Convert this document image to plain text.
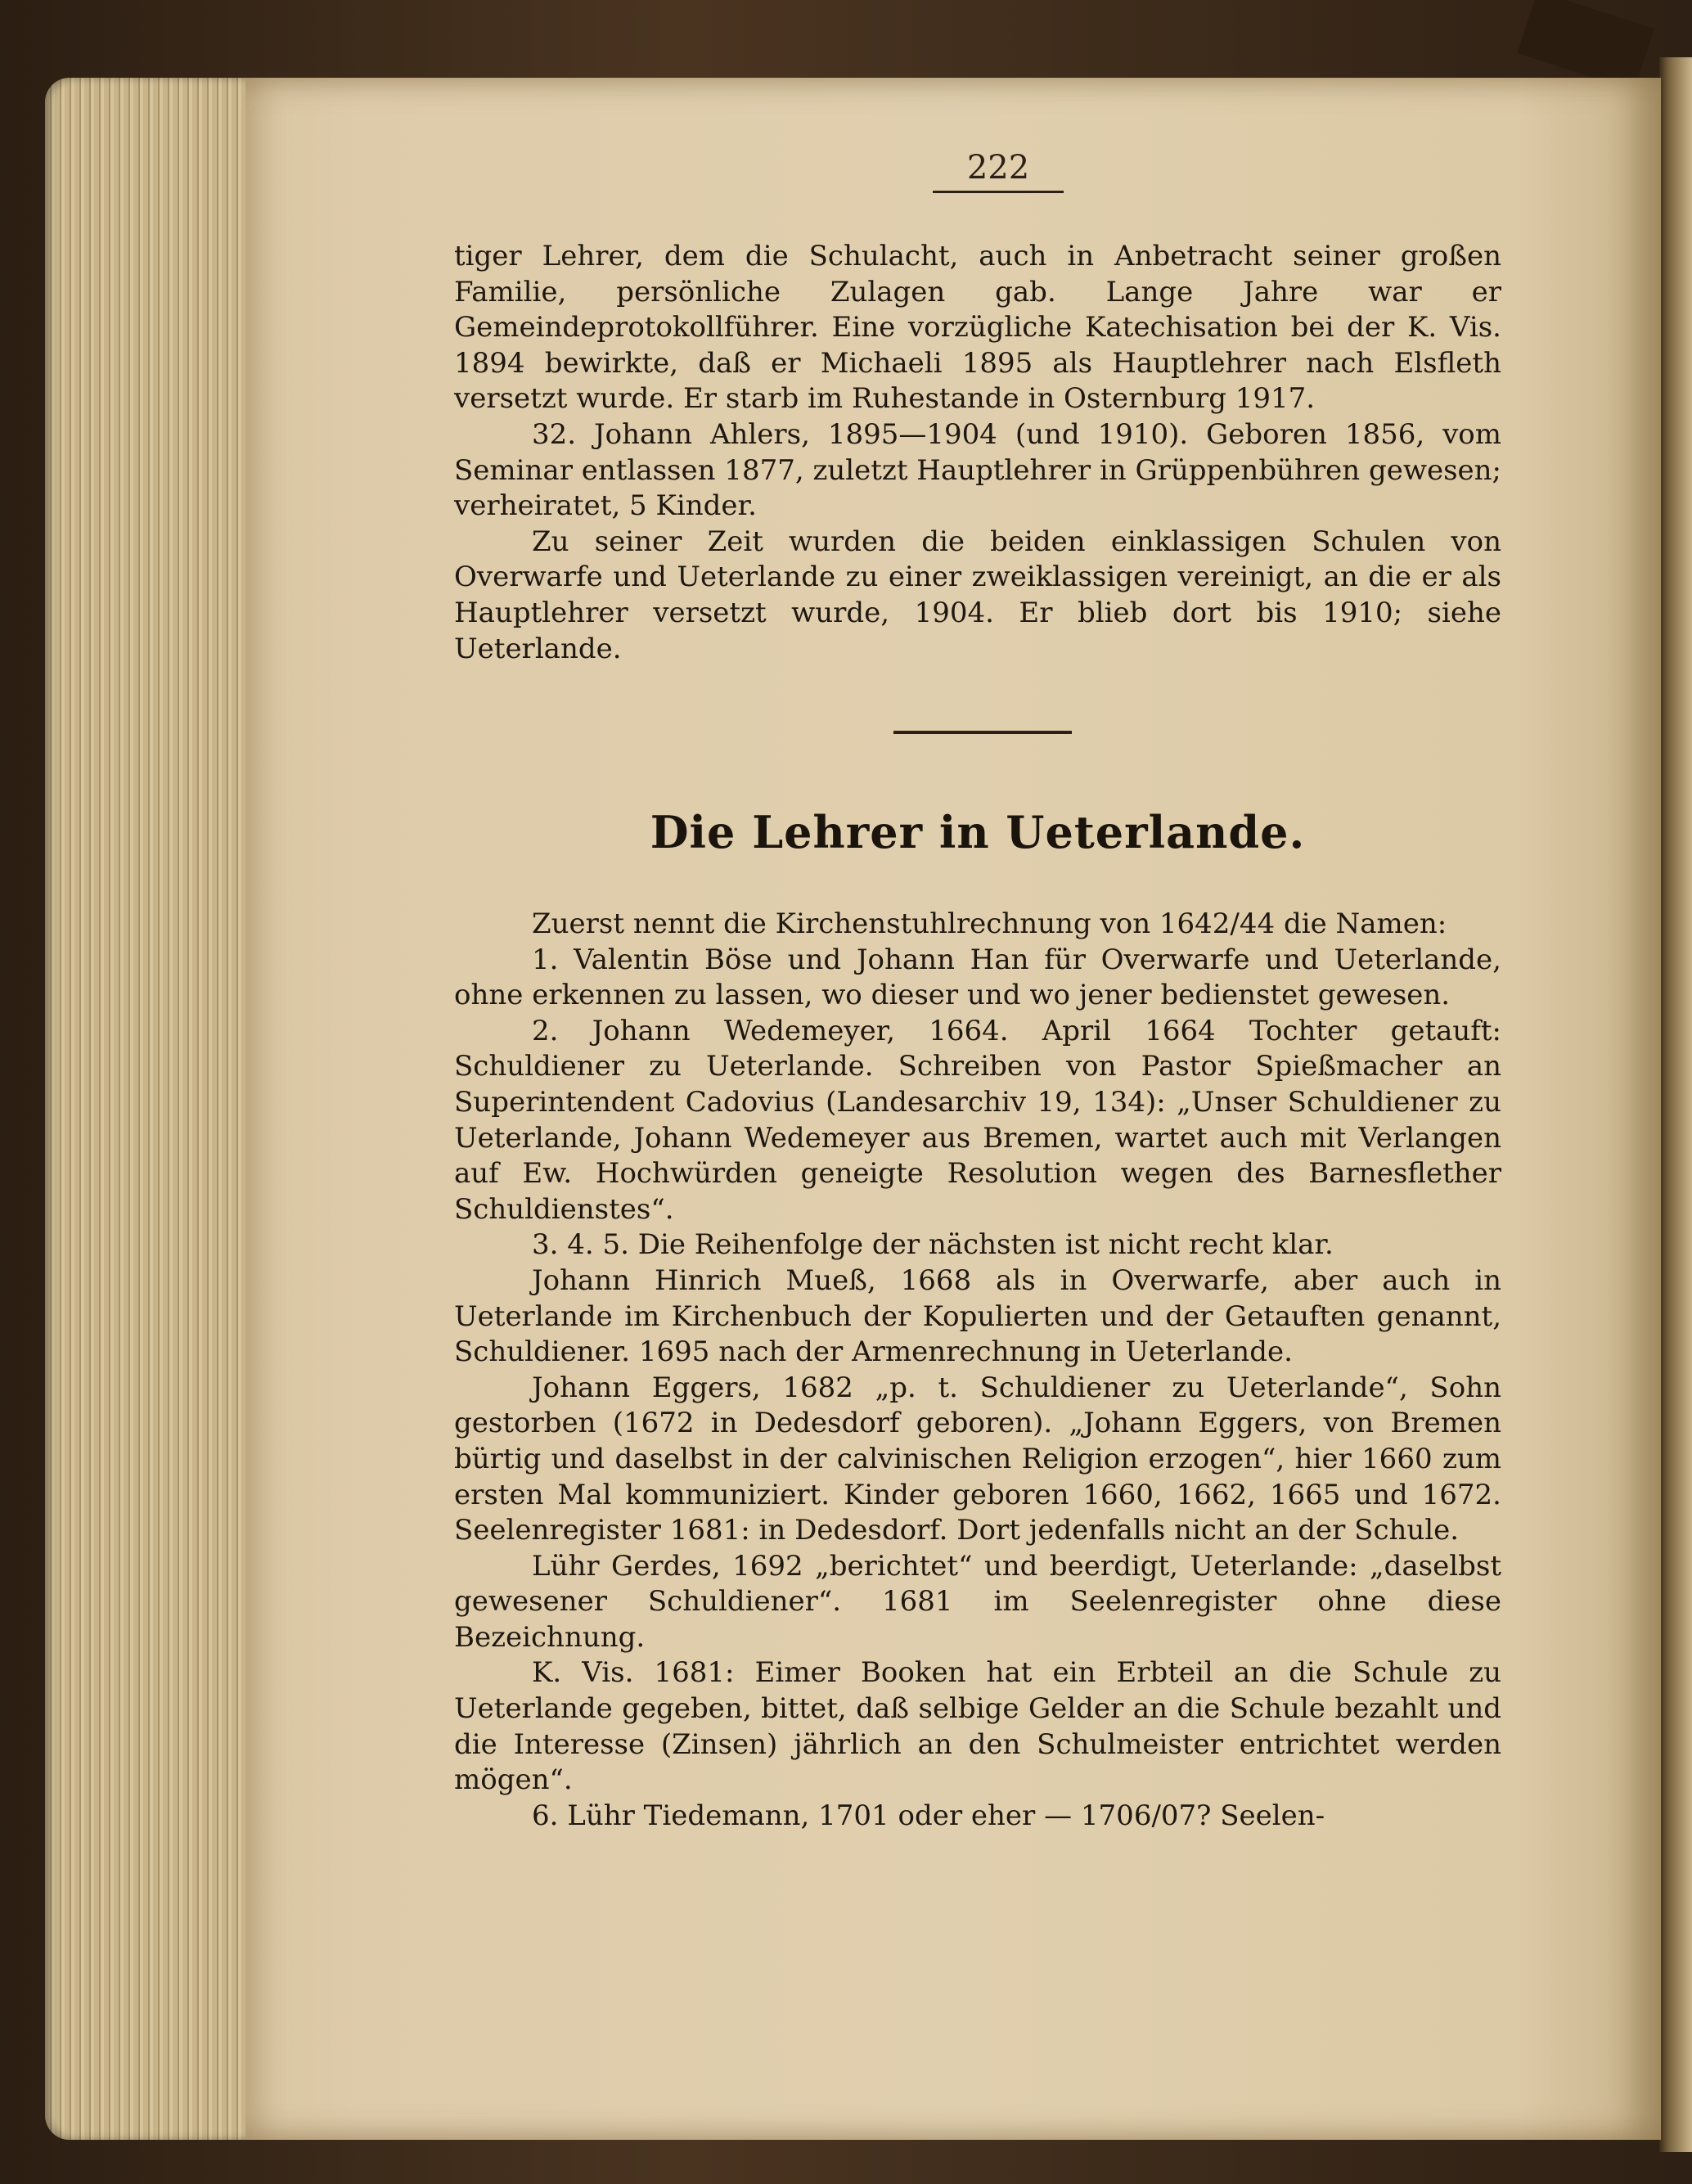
222

tiger Lehrer, dem die Schulacht, auch in Anbetracht seiner großen Familie, persönliche Zulagen gab. Lange Jahre war er Gemeindeprotokollführer. Eine vorzügliche Katechisation bei der K. Vis. 1894 bewirkte, daß er Michaeli 1895 als Hauptlehrer nach Elsfleth versetzt wurde. Er starb im Ruhestande in Osternburg 1917.

32. Johann Ahlers, 1895—1904 (und 1910). Geboren 1856, vom Seminar entlassen 1877, zuletzt Hauptlehrer in Grüppenbühren gewesen; verheiratet, 5 Kinder.

Zu seiner Zeit wurden die beiden einklassigen Schulen von Overwarfe und Ueterlande zu einer zweiklassigen vereinigt, an die er als Hauptlehrer versetzt wurde, 1904. Er blieb dort bis 1910; siehe Ueterlande.

Die Lehrer in Ueterlande.

Zuerst nennt die Kirchenstuhlrechnung von 1642/44 die Namen:

1. Valentin Böse und Johann Han für Overwarfe und Ueterlande, ohne erkennen zu lassen, wo dieser und wo jener bedienstet gewesen.

2. Johann Wedemeyer, 1664. April 1664 Tochter getauft: Schuldiener zu Ueterlande. Schreiben von Pastor Spießmacher an Superintendent Cadovius (Landesarchiv 19, 134): „Unser Schuldiener zu Ueterlande, Johann Wedemeyer aus Bremen, wartet auch mit Verlangen auf Ew. Hochwürden geneigte Resolution wegen des Barnesflether Schuldienstes“.

3. 4. 5. Die Reihenfolge der nächsten ist nicht recht klar.

Johann Hinrich Mueß, 1668 als in Overwarfe, aber auch in Ueterlande im Kirchenbuch der Kopulierten und der Getauften genannt, Schuldiener. 1695 nach der Armenrechnung in Ueterlande.

Johann Eggers, 1682 „p. t. Schuldiener zu Ueterlande“, Sohn gestorben (1672 in Dedesdorf geboren). „Johann Eggers, von Bremen bürtig und daselbst in der calvinischen Religion erzogen“, hier 1660 zum ersten Mal kommuniziert. Kinder geboren 1660, 1662, 1665 und 1672. Seelenregister 1681: in Dedesdorf. Dort jedenfalls nicht an der Schule.

Lühr Gerdes, 1692 „berichtet“ und beerdigt, Ueterlande: „daselbst gewesener Schuldiener“. 1681 im Seelenregister ohne diese Bezeichnung.

K. Vis. 1681: Eimer Booken hat ein Erbteil an die Schule zu Ueterlande gegeben, bittet, daß selbige Gelder an die Schule bezahlt und die Interesse (Zinsen) jährlich an den Schulmeister entrichtet werden mögen“.

6. Lühr Tiedemann, 1701 oder eher — 1706/07? Seelen-
